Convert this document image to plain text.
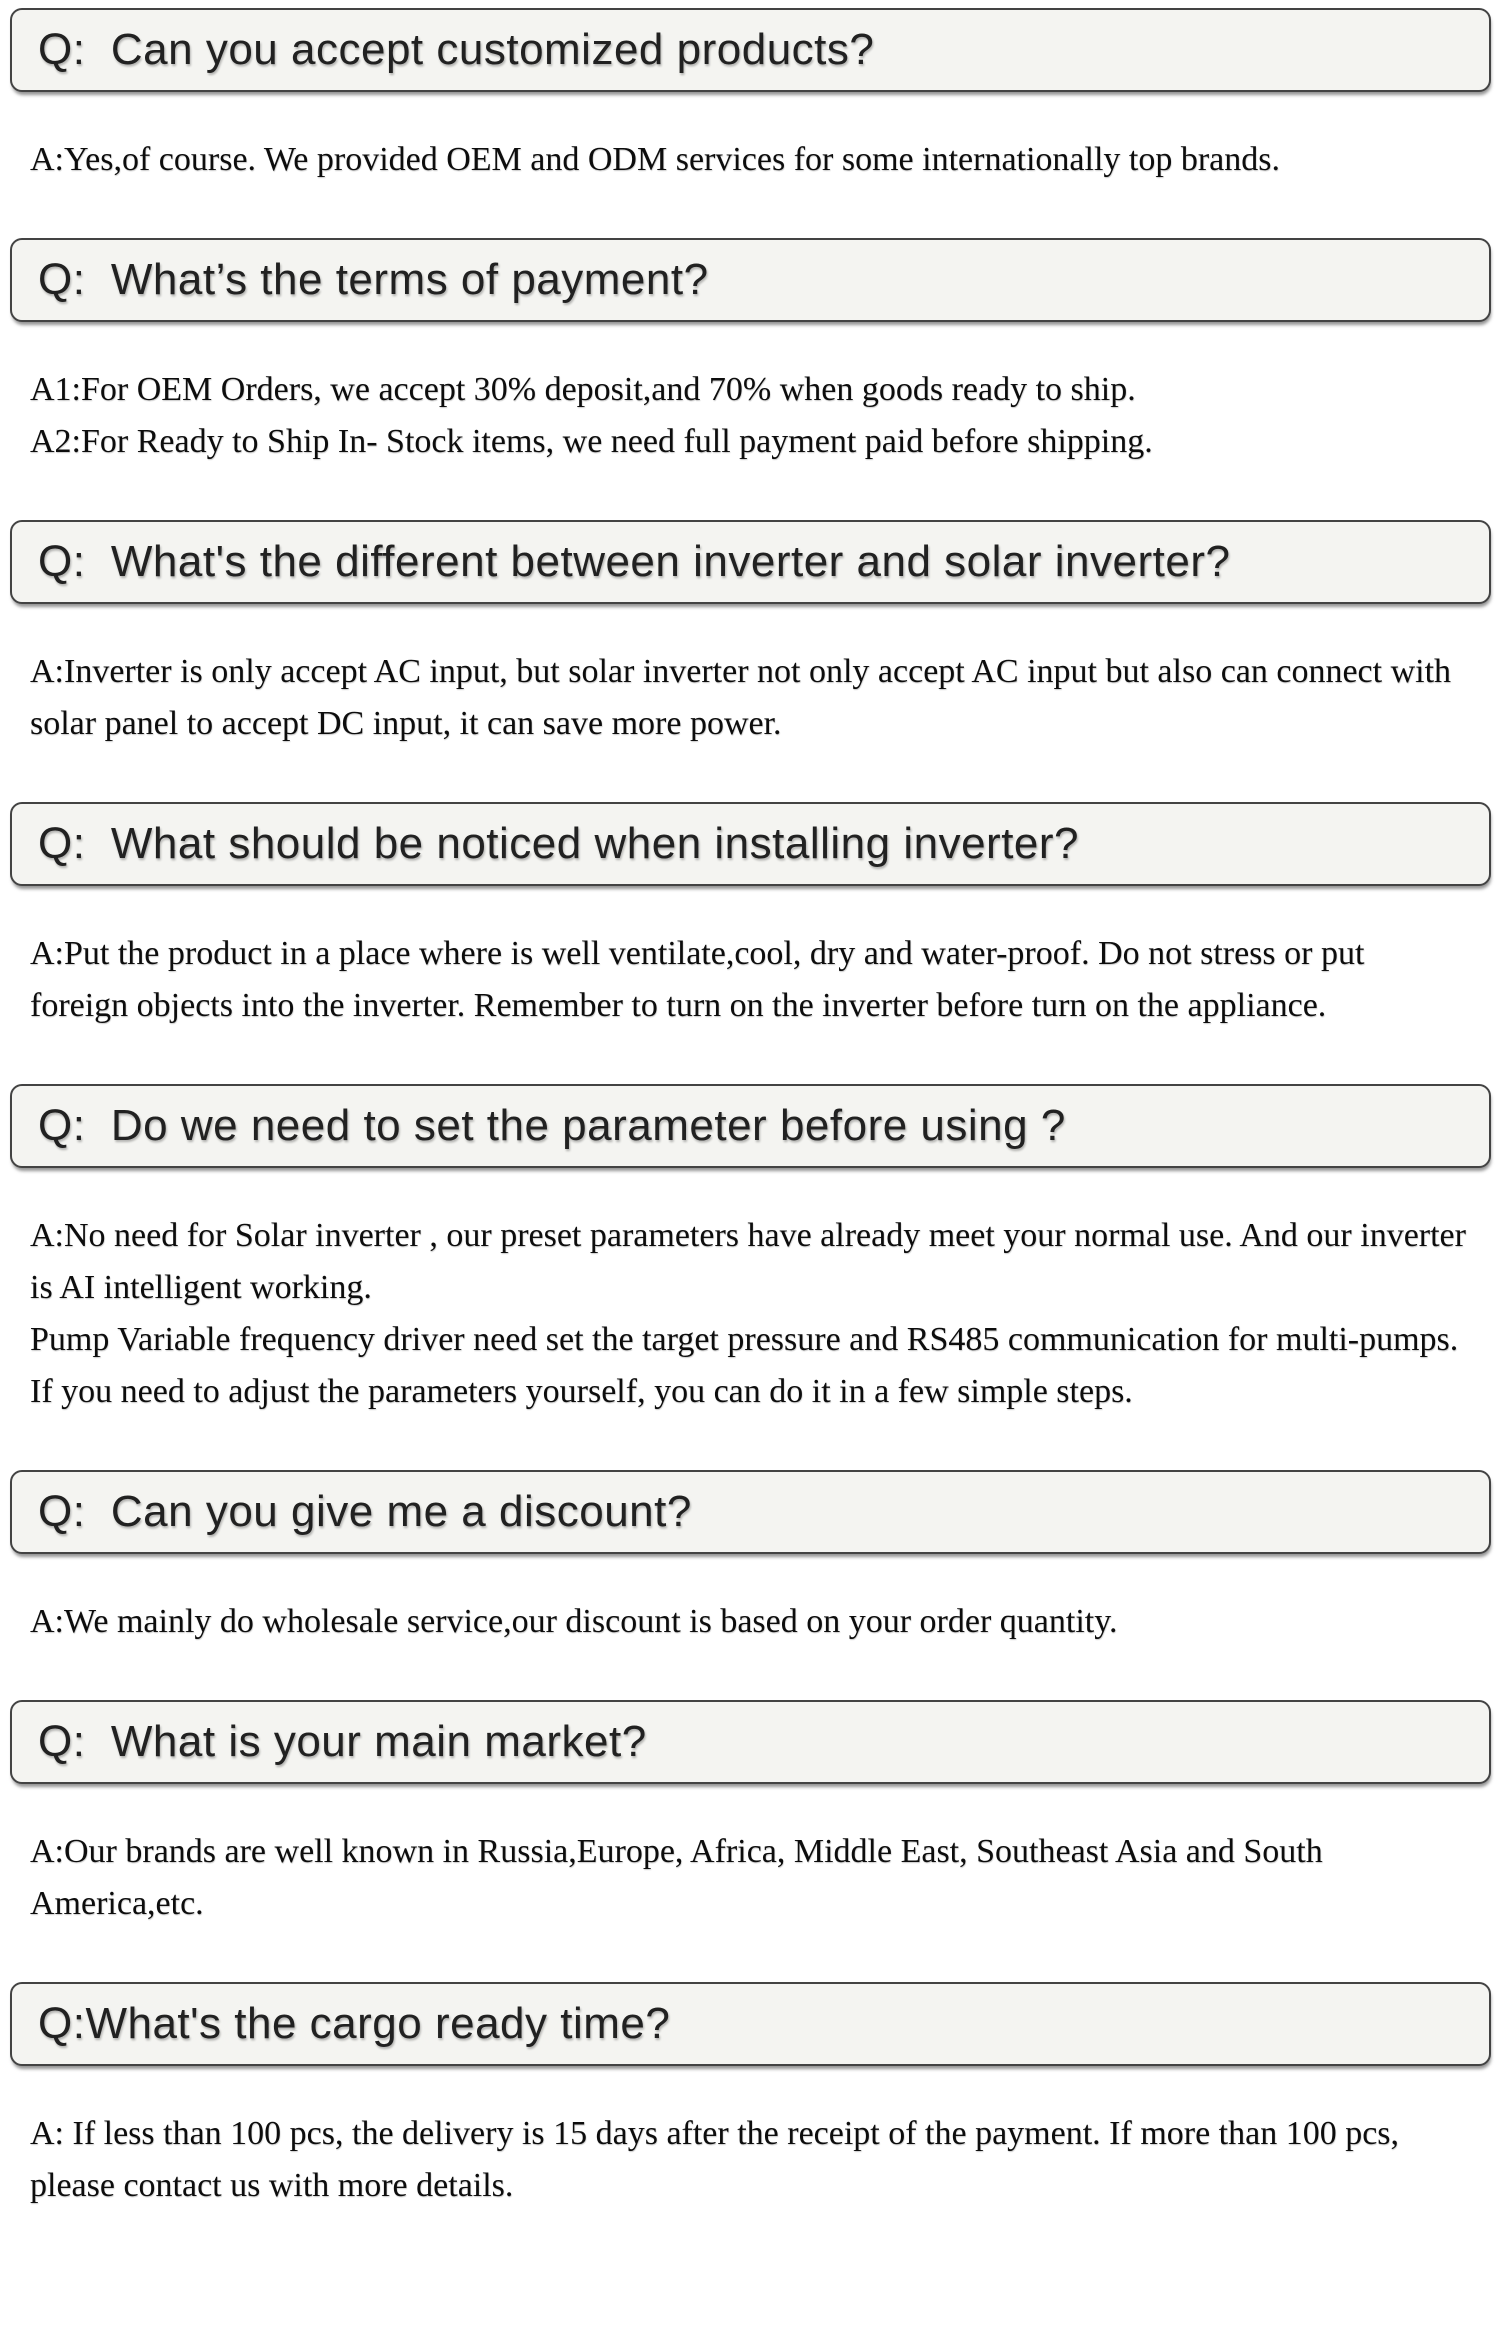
Q:  Can you accept customized products?
A:Yes,of course. We provided OEM and ODM services for some internationally top brands.
Q:  What’s the terms of payment?
A1:For OEM Orders, we accept 30% deposit,and 70% when goods ready to ship.
A2:For Ready to Ship In- Stock items, we need full payment paid before shipping.
Q:  What's the different between inverter and solar inverter?
A:Inverter is only accept AC input, but solar inverter not only accept AC input but also can connect with solar panel to accept DC input, it can save more power.
Q:  What should be noticed when installing inverter?
A:Put the product in a place where is well ventilate,cool, dry and water-proof. Do not stress or put foreign objects into the inverter. Remember to turn on the inverter before turn on the appliance.
Q:  Do we need to set the parameter before using ?
A:No need for Solar inverter , our preset parameters have already meet your normal use. And our inverter is AI intelligent working.
Pump Variable frequency driver need set the target pressure and RS485 communication for multi-pumps.
If you need to adjust the parameters yourself, you can do it in a few simple steps.
Q:  Can you give me a discount?
A:We mainly do wholesale service,our discount is based on your order quantity.
Q:  What is your main market?
A:Our brands are well known in Russia,Europe, Africa, Middle East, Southeast Asia and South America,etc.
Q:What's the cargo ready time?
A: If less than 100 pcs, the delivery is 15 days after the receipt of the payment. If more than 100 pcs, please contact us with more details.
